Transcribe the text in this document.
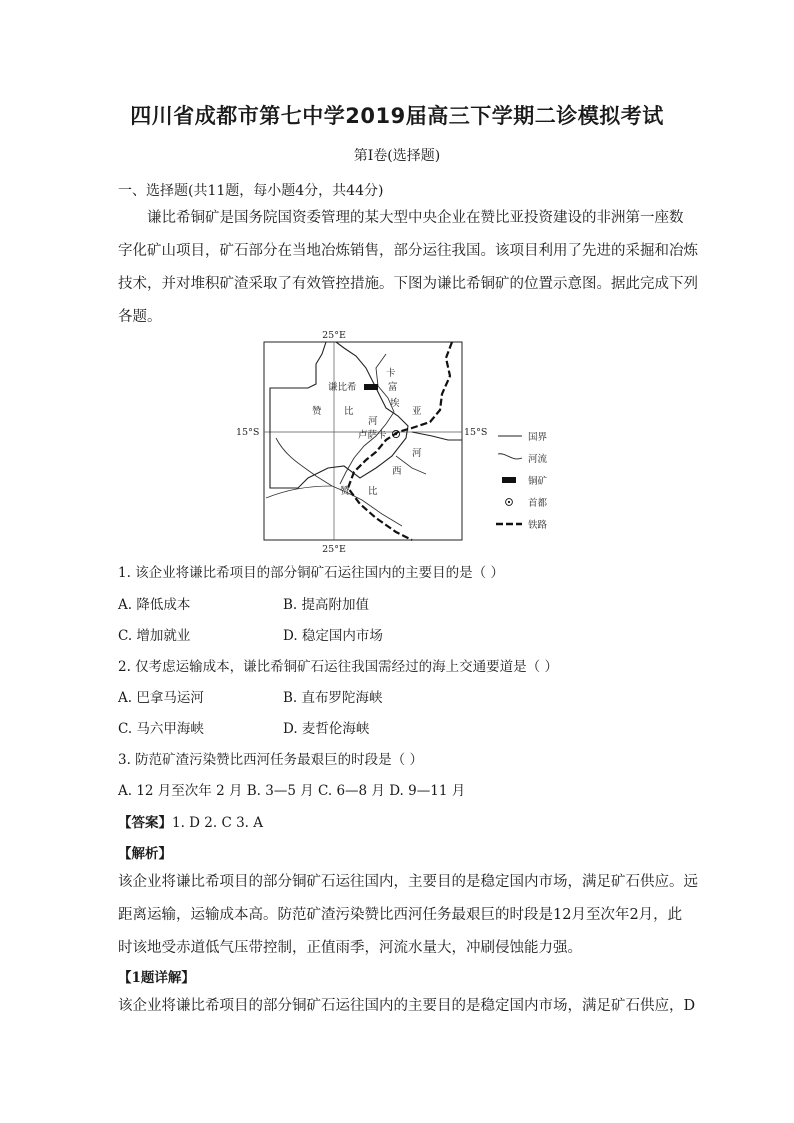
四川省成都市第七中学2019届高三下学期二诊模拟考试
第I卷(选择题)
一、选择题(共11题，每小题4分，共44分)
谦比希铜矿是国务院国资委管理的某大型中央企业在赞比亚投资建设的非洲第一座数
字化矿山项目，矿石部分在当地冶炼销售，部分运往我国。该项目利用了先进的采掘和冶炼
技术，并对堆积矿渣采取了有效管控措施。下图为谦比希铜矿的位置示意图。据此完成下列
各题。
25°E
25°E
15°S	15°S
谦比希
卢萨卡
赞 比	亚
卡
富
埃
河
赞 比
西
河
国界
河流
铜矿
首都
铁路
1. 该企业将谦比希项目的部分铜矿石运往国内的主要目的是（ ）
A. 降低成本	B. 提高附加值
C. 增加就业	D. 稳定国内市场
2. 仅考虑运输成本，谦比希铜矿石运往我国需经过的海上交通要道是（ ）
A. 巴拿马运河	B. 直布罗陀海峡
C. 马六甲海峡	D. 麦哲伦海峡
3. 防范矿渣污染赞比西河任务最艰巨的时段是（ ）
A. 12 月至次年 2 月 B. 3—5 月 C. 6—8 月 D. 9—11 月
【答案】1. D 2. C 3. A
【解析】
该企业将谦比希项目的部分铜矿石运往国内，主要目的是稳定国内市场，满足矿石供应。远
距离运输，运输成本高。防范矿渣污染赞比西河任务最艰巨的时段是12月至次年2月，此
时该地受赤道低气压带控制，正值雨季，河流水量大，冲刷侵蚀能力强。
【1题详解】
该企业将谦比希项目的部分铜矿石运往国内的主要目的是稳定国内市场，满足矿石供应，D
